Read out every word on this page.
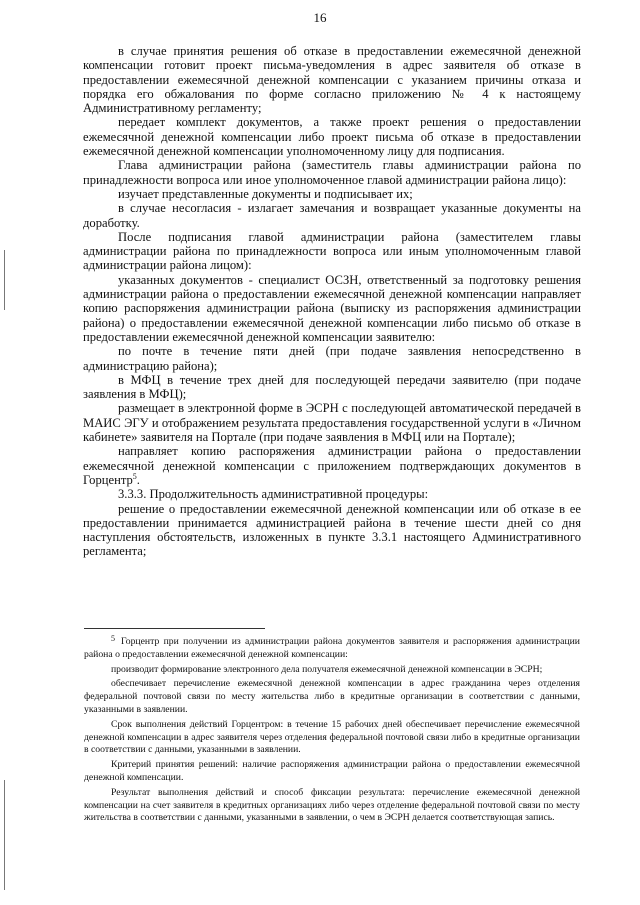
16

в случае принятия решения об отказе в предоставлении ежемесячной денежной компенсации готовит проект письма-уведомления в адрес заявителя об отказе в предоставлении ежемесячной денежной компенсации с указанием причины отказа и порядка его обжалования по форме согласно приложению № 4 к настоящему Административному регламенту;

передает комплект документов, а также проект решения о предоставлении ежемесячной денежной компенсации либо проект письма об отказе в предоставлении ежемесячной денежной компенсации уполномоченному лицу для подписания.

Глава администрации района (заместитель главы администрации района по принадлежности вопроса или иное уполномоченное главой администрации района лицо):

изучает представленные документы и подписывает их;

в случае несогласия - излагает замечания и возвращает указанные документы на доработку.

После подписания главой администрации района (заместителем главы администрации района по принадлежности вопроса или иным уполномоченным главой администрации района лицом):

указанных документов - специалист ОСЗН, ответственный за подготовку решения администрации района о предоставлении ежемесячной денежной компенсации направляет копию распоряжения администрации района (выписку из распоряжения администрации района) о предоставлении ежемесячной денежной компенсации либо письмо об отказе в предоставлении ежемесячной денежной компенсации заявителю:

по почте в течение пяти дней (при подаче заявления непосредственно в администрацию района);

в МФЦ в течение трех дней для последующей передачи заявителю (при подаче заявления в МФЦ);

размещает в электронной форме в ЭСРН с последующей автоматической передачей в МАИС ЭГУ и отображением результата предоставления государственной услуги в «Личном кабинете» заявителя на Портале (при подаче заявления в МФЦ или на Портале);

направляет копию распоряжения администрации района о предоставлении ежемесячной денежной компенсации с приложением подтверждающих документов в Горцентр$^5$.

3.3.3. Продолжительность административной процедуры:

решение о предоставлении ежемесячной денежной компенсации или об отказе в ее предоставлении принимается администрацией района в течение шести дней со дня наступления обстоятельств, изложенных в пункте 3.3.1 настоящего Административного регламента;

$^5$ Горцентр при получении из администрации района документов заявителя и распоряжения администрации района о предоставлении ежемесячной денежной компенсации:

производит формирование электронного дела получателя ежемесячной денежной компенсации в ЭСРН;

обеспечивает перечисление ежемесячной денежной компенсации в адрес гражданина через отделения федеральной почтовой связи по месту жительства либо в кредитные организации в соответствии с данными, указанными в заявлении.

Срок выполнения действий Горцентром: в течение 15 рабочих дней обеспечивает перечисление ежемесячной денежной компенсации в адрес заявителя через отделения федеральной почтовой связи либо в кредитные организации в соответствии с данными, указанными в заявлении.

Критерий принятия решений: наличие распоряжения администрации района о предоставлении ежемесячной денежной компенсации.

Результат выполнения действий и способ фиксации результата: перечисление ежемесячной денежной компенсации на счет заявителя в кредитных организациях либо через отделение федеральной почтовой связи по месту жительства в соответствии с данными, указанными в заявлении, о чем в ЭСРН делается соответствующая запись.
